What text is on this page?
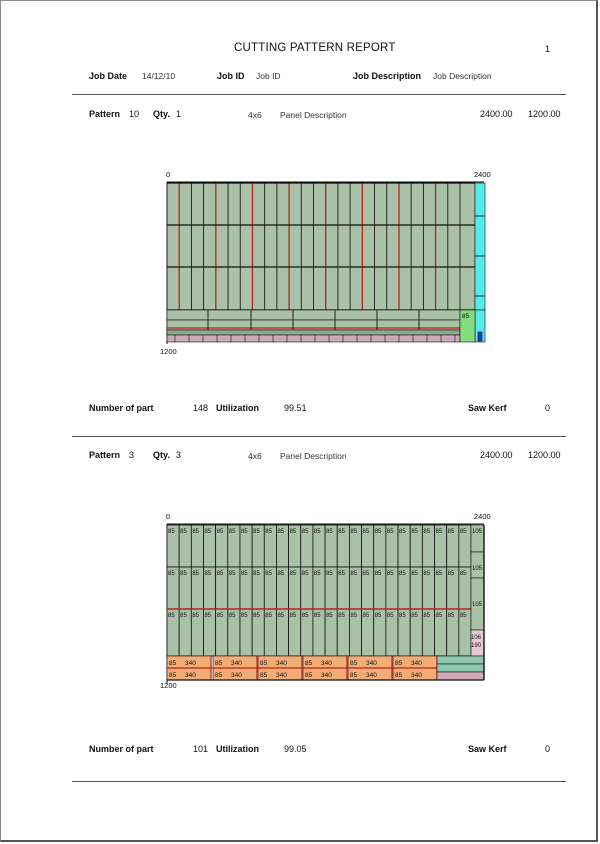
CUTTING PATTERN REPORT	1
Job Date 14/12/10	Job ID Job ID	Job Description Job Description
Pattern 10 Qty. 1	4x6 Panel Description	2400.00 1200.00
0	2400
1200
85
Number of part	148 Utilization	99.51	Saw Kerf	0
Pattern 3 Qty. 3	4x6 Panel Description	2400.00 1200.00
0	2400
1200
85 85 85 85 85 85 85 85 85 85 85 85 85 85 85 85 85 85 85 85 85 85 85 85 85
85 85 85 85 85 85 85 85 85 85 85 85 85 85 85 85 85 85 85 85 85 85 85 85 85
85 85 85 85 85 85 85 85 85 85 85 85 85 85 85 85 85 85 85 85 85 85 85 85 85
105
105
105
106
190
85 340	85 340	85 340	85 340	85 340	85 340
85 340	85 340	85 340	85 340	85 340	85 340
Number of part	101 Utilization	99.05	Saw Kerf	0
